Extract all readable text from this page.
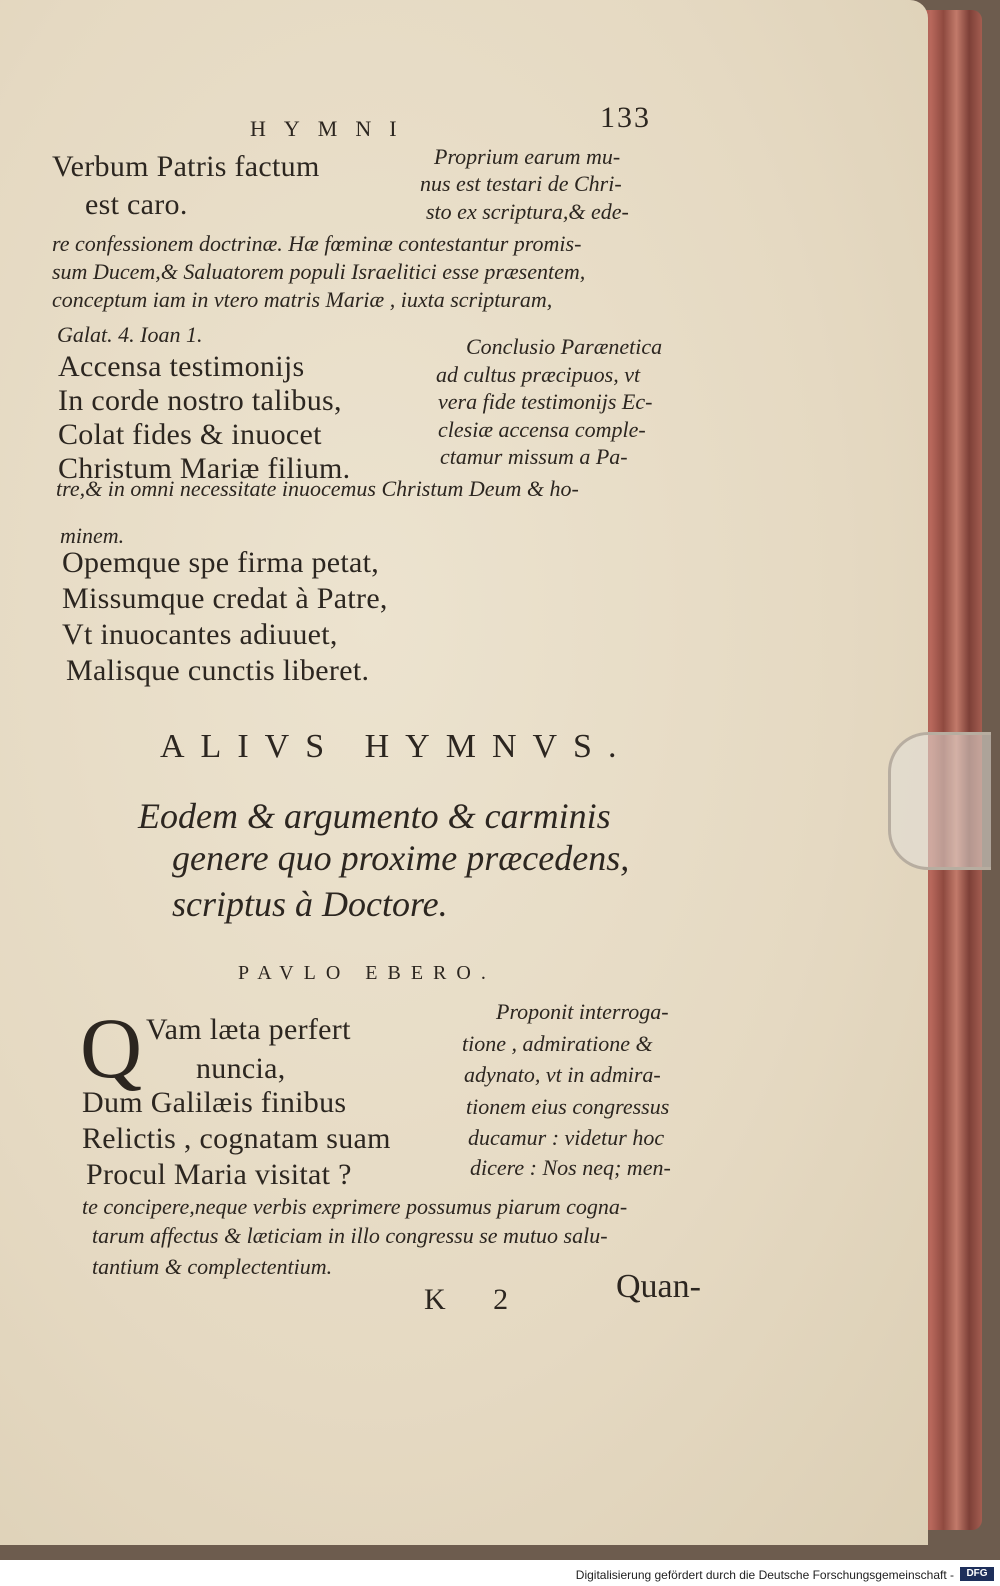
HYMNI	133
Verbum Patris factum
est caro.
Proprium earum mu-
nus est testari de Chri-
sto ex scriptura,& ede-
re confessionem doctrinæ. Hæ fœminæ contestantur promis-
sum Ducem,& Saluatorem populi Israelitici esse præsentem,
conceptum iam in vtero matris Mariæ , iuxta scripturam,
Galat. 4. Ioan 1.
Accensa testimonijs
In corde nostro talibus,
Colat fides & inuocet
Christum Mariæ filium.
Conclusio Parænetica
ad cultus præcipuos, vt
vera fide testimonijs Ec-
clesiæ accensa comple-
ctamur missum a Pa-
tre,& in omni necessitate inuocemus Christum Deum & ho-
minem.
Opemque spe firma petat,
Missumque credat à Patre,
Vt inuocantes adiuuet,
Malisque cunctis liberet.
ALIVS HYMNVS.
Eodem & argumento & carminis
genere quo proxime præcedens,
scriptus à Doctore.
PAVLO EBERO.
Q Vam læta perfert
nuncia,
Dum Galilæis finibus
Relictis , cognatam suam
Procul Maria visitat ?
Proponit interroga-
tione , admiratione &
adynato, vt in admira-
tionem eius congressus
ducamur : videtur hoc
dicere : Nos neq; men-
te concipere,neque verbis exprimere possumus piarum cogna-
tarum affectus & læticiam in illo congressu se mutuo salu-
tantium & complectentium.
K 2	Quan-
Digitalisierung gefördert durch die Deutsche Forschungsgemeinschaft -	DFG
